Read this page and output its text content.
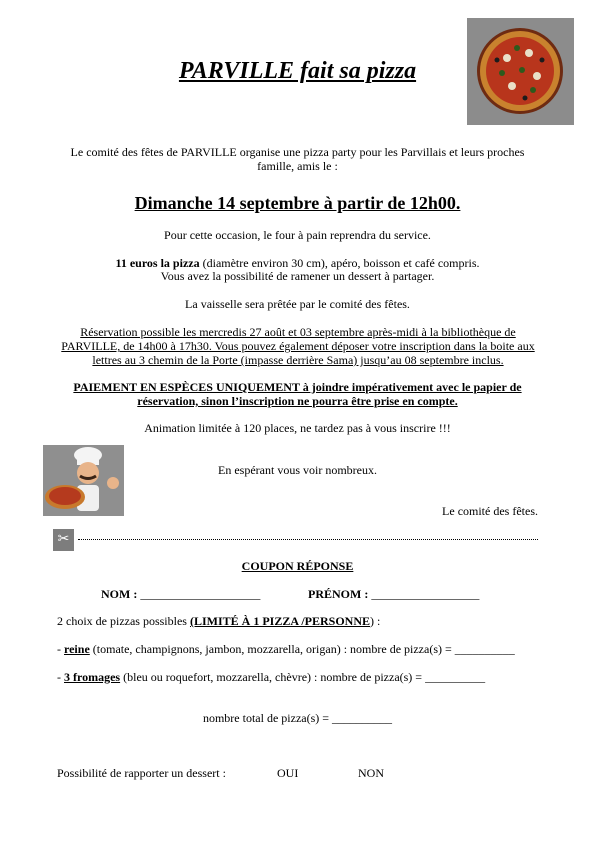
PARVILLE fait sa pizza
Le comité des fêtes de PARVILLE organise une pizza party pour les Parvillais et leurs proches famille, amis le :
Dimanche 14 septembre à partir de 12h00.
Pour cette occasion, le four à pain reprendra du service.
11 euros la pizza (diamètre environ 30 cm), apéro, boisson et café compris.
Vous avez la possibilité de ramener un dessert à partager.
La vaisselle sera prêtée par le comité des fêtes.
Réservation possible les mercredis 27 août et 03 septembre après-midi à la bibliothèque de PARVILLE, de 14h00 à 17h30. Vous pouvez également déposer votre inscription dans la boite aux lettres au 3 chemin de la Porte (impasse derrière Sama) jusqu’au 08 septembre inclus.
PAIEMENT EN ESPÈCES UNIQUEMENT à joindre impérativement avec le papier de réservation, sinon l’inscription ne pourra être prise en compte.
Animation limitée à 120 places, ne tardez pas à vous inscrire !!!
En espérant vous voir nombreux.
Le comité des fêtes.
✂
COUPON RÉPONSE
NOM : ____________________	PRÉNOM : __________________
2 choix de pizzas possibles (LIMITÉ À 1 PIZZA /PERSONNE) :
- reine (tomate, champignons, jambon, mozzarella, origan) : nombre de pizza(s) = __________
- 3 fromages (bleu ou roquefort, mozzarella, chèvre) : nombre de pizza(s) = __________
nombre total de pizza(s) = __________
Possibilité de rapporter un dessert :	OUI	NON
